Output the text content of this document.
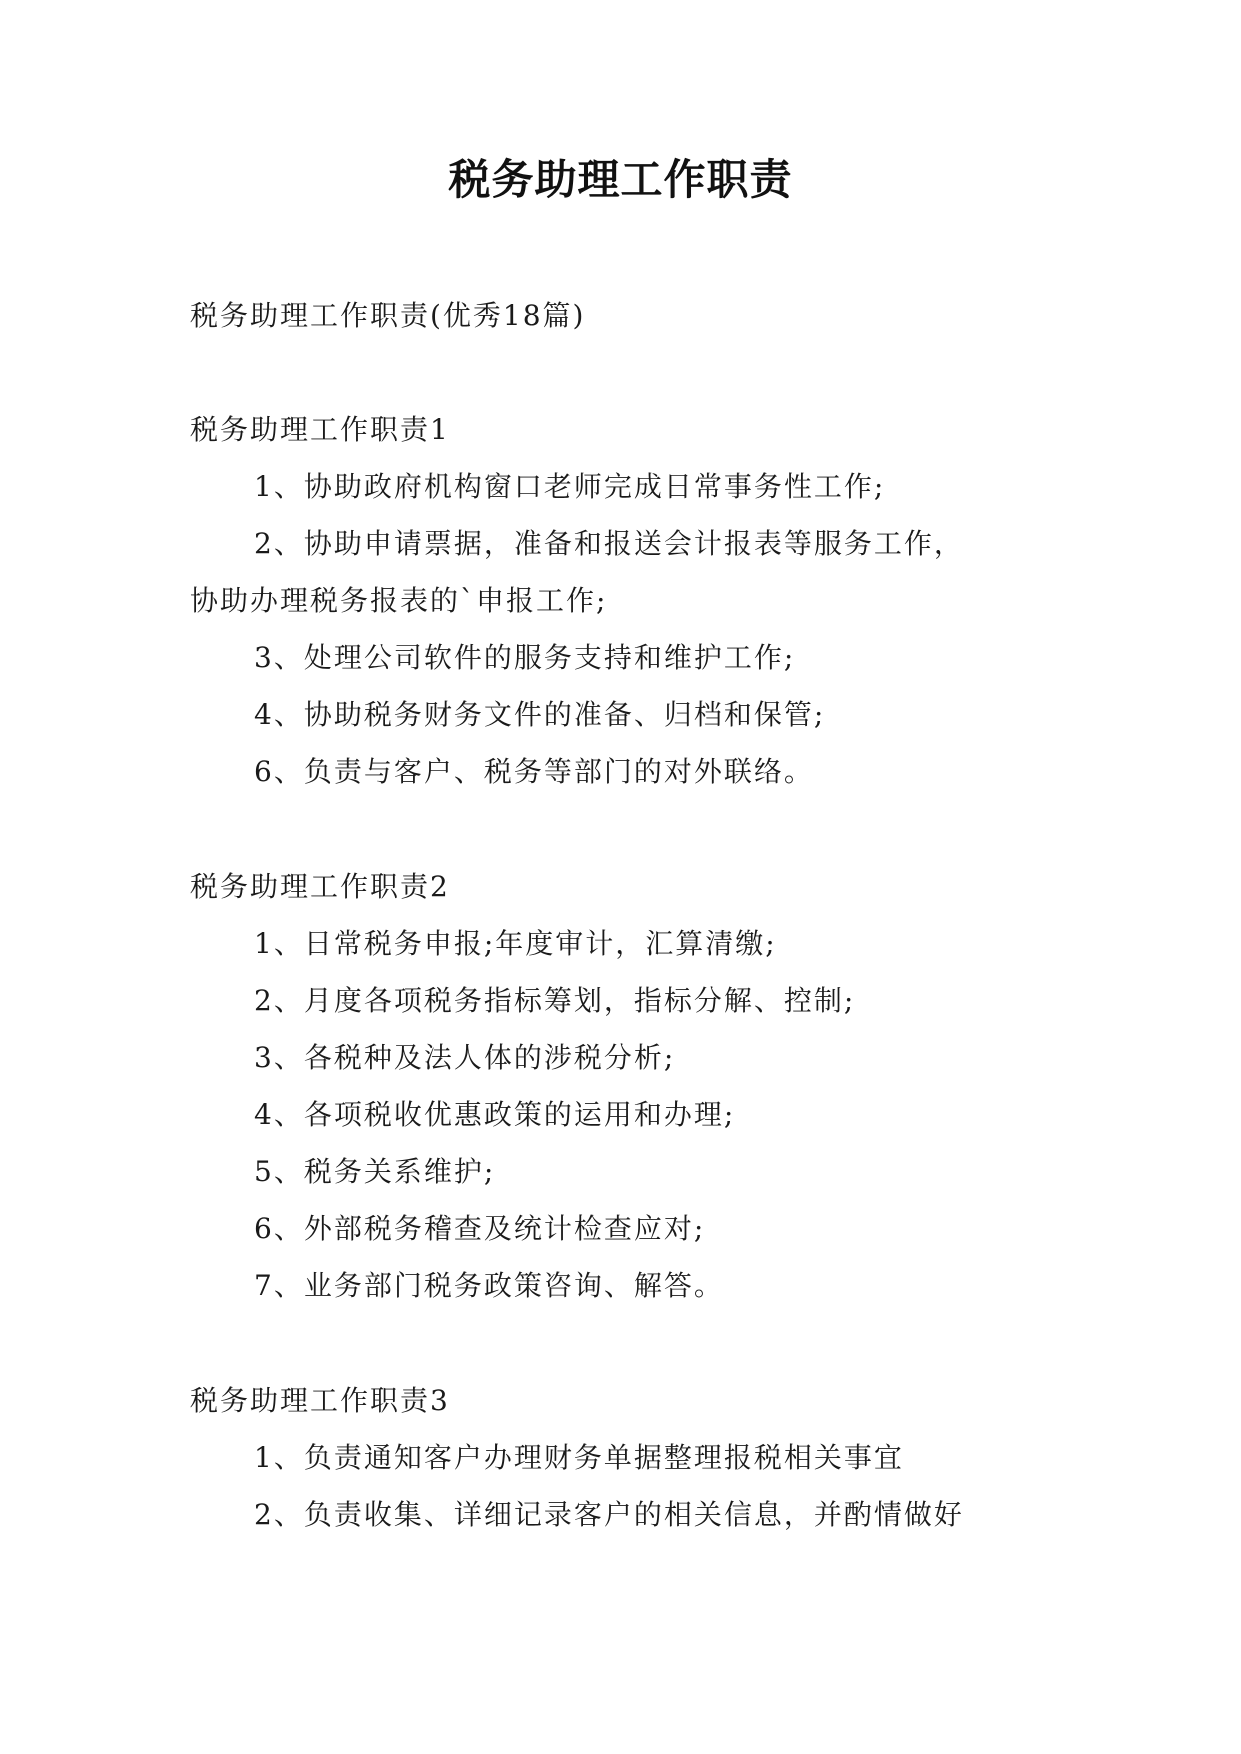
税务助理工作职责
税务助理工作职责(优秀18篇)
税务助理工作职责1
1、协助政府机构窗口老师完成日常事务性工作;
2、协助申请票据，准备和报送会计报表等服务工作，
协助办理税务报表的`申报工作;
3、处理公司软件的服务支持和维护工作;
4、协助税务财务文件的准备、归档和保管;
6、负责与客户、税务等部门的对外联络。
税务助理工作职责2
1、日常税务申报;年度审计，汇算清缴;
2、月度各项税务指标筹划，指标分解、控制;
3、各税种及法人体的涉税分析;
4、各项税收优惠政策的运用和办理;
5、税务关系维护;
6、外部税务稽查及统计检查应对;
7、业务部门税务政策咨询、解答。
税务助理工作职责3
1、负责通知客户办理财务单据整理报税相关事宜
2、负责收集、详细记录客户的相关信息，并酌情做好
